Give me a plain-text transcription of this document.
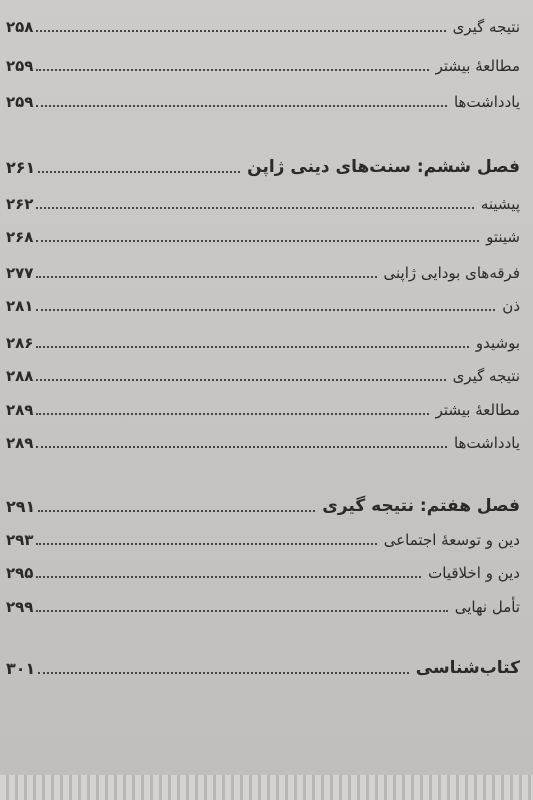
نتیجه گیری
۲۵۸
مطالعهٔ بیشتر
۲۵۹
یادداشت‌ها
۲۵۹
فصل ششم: سنت‌های دینی ژاپن
۲۶۱
پیشینه
۲۶۲
شینتو
۲۶۸
فرقه‌های بودایی ژاپنی
۲۷۷
ذن
۲۸۱
بوشیدو
۲۸۶
نتیجه گیری
۲۸۸
مطالعهٔ بیشتر
۲۸۹
یادداشت‌ها
۲۸۹
فصل هفتم: نتیجه گیری
۲۹۱
دین و توسعهٔ اجتماعی
۲۹۳
دین و اخلاقیات
۲۹۵
تأمل نهایی
۲۹۹
کتاب‌شناسی
۳۰۱
